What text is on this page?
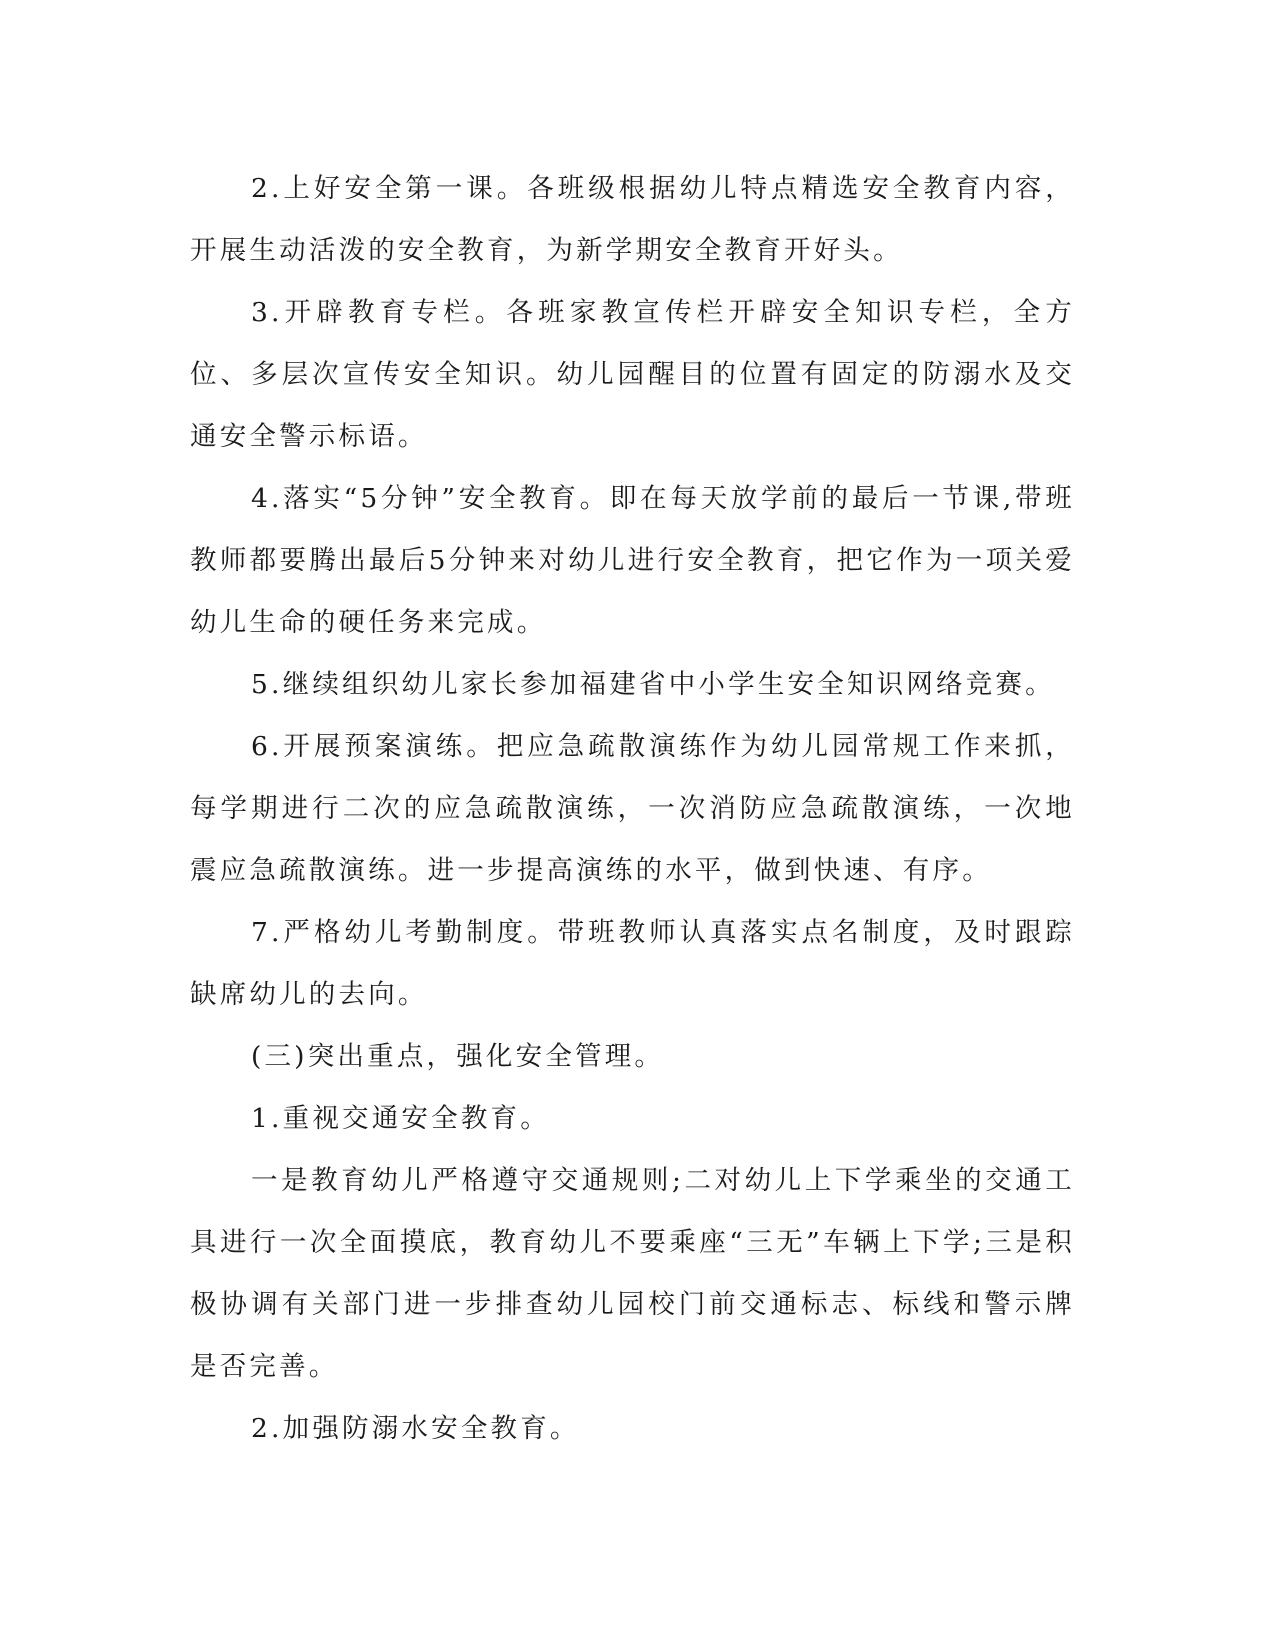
2.上好安全第一课。各班级根据幼儿特点精选安全教育内容，开展生动活泼的安全教育，为新学期安全教育开好头。

3.开辟教育专栏。各班家教宣传栏开辟安全知识专栏，全方位、多层次宣传安全知识。幼儿园醒目的位置有固定的防溺水及交通安全警示标语。

4.落实“5分钟”安全教育。即在每天放学前的最后一节课,带班教师都要腾出最后5分钟来对幼儿进行安全教育，把它作为一项关爱幼儿生命的硬任务来完成。

5.继续组织幼儿家长参加福建省中小学生安全知识网络竞赛。

6.开展预案演练。把应急疏散演练作为幼儿园常规工作来抓，每学期进行二次的应急疏散演练，一次消防应急疏散演练，一次地震应急疏散演练。进一步提高演练的水平，做到快速、有序。

7.严格幼儿考勤制度。带班教师认真落实点名制度，及时跟踪缺席幼儿的去向。

(三)突出重点，强化安全管理。

1.重视交通安全教育。

一是教育幼儿严格遵守交通规则;二对幼儿上下学乘坐的交通工具进行一次全面摸底，教育幼儿不要乘座“三无”车辆上下学;三是积极协调有关部门进一步排查幼儿园校门前交通标志、标线和警示牌是否完善。

2.加强防溺水安全教育。
